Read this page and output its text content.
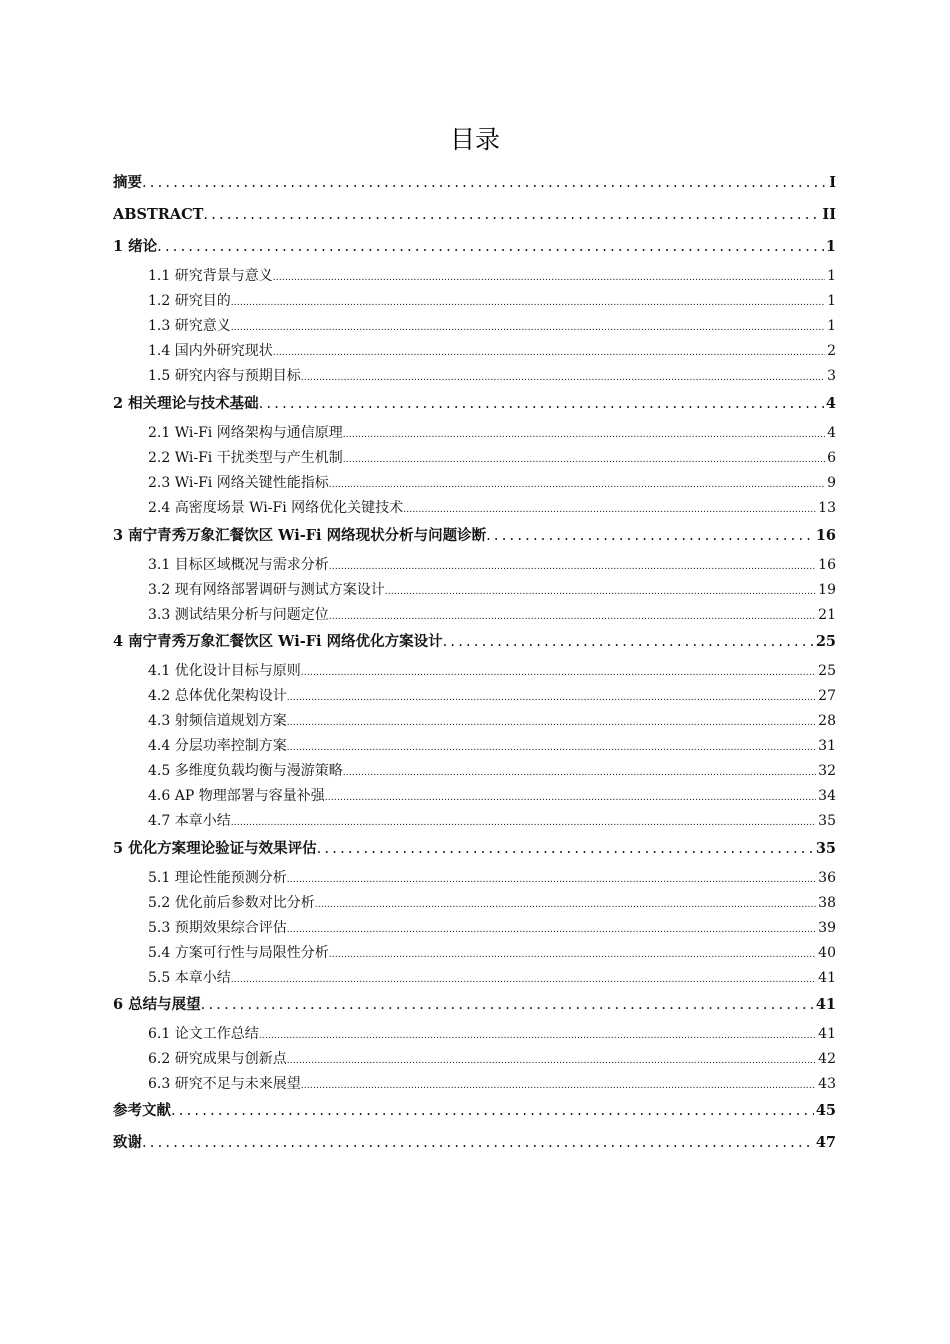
目录
摘要 .....	I
ABSTRACT .....	II
1 绪论 .....	1
1.1 研究背景与意义 .....	1
1.2 研究目的 .....	1
1.3 研究意义 .....	1
1.4 国内外研究现状 .....	2
1.5 研究内容与预期目标 .....	3
2 相关理论与技术基础 .....	4
2.1 Wi-Fi 网络架构与通信原理 .....	4
2.2 Wi-Fi 干扰类型与产生机制 .....	6
2.3 Wi-Fi 网络关键性能指标 .....	9
2.4 高密度场景 Wi-Fi 网络优化关键技术 .....	13
3 南宁青秀万象汇餐饮区 Wi-Fi 网络现状分析与问题诊断 .....	16
3.1 目标区域概况与需求分析 .....	16
3.2 现有网络部署调研与测试方案设计 .....	19
3.3 测试结果分析与问题定位 .....	21
4 南宁青秀万象汇餐饮区 Wi-Fi 网络优化方案设计 .....	25
4.1 优化设计目标与原则 .....	25
4.2 总体优化架构设计 .....	27
4.3 射频信道规划方案 .....	28
4.4 分层功率控制方案 .....	31
4.5 多维度负载均衡与漫游策略 .....	32
4.6 AP 物理部署与容量补强 .....	34
4.7 本章小结 .....	35
5 优化方案理论验证与效果评估 .....	35
5.1 理论性能预测分析 .....	36
5.2 优化前后参数对比分析 .....	38
5.3 预期效果综合评估 .....	39
5.4 方案可行性与局限性分析 .....	40
5.5 本章小结 .....	41
6 总结与展望 .....	41
6.1 论文工作总结 .....	41
6.2 研究成果与创新点 .....	42
6.3 研究不足与未来展望 .....	43
参考文献 .....	45
致谢 .....	47
